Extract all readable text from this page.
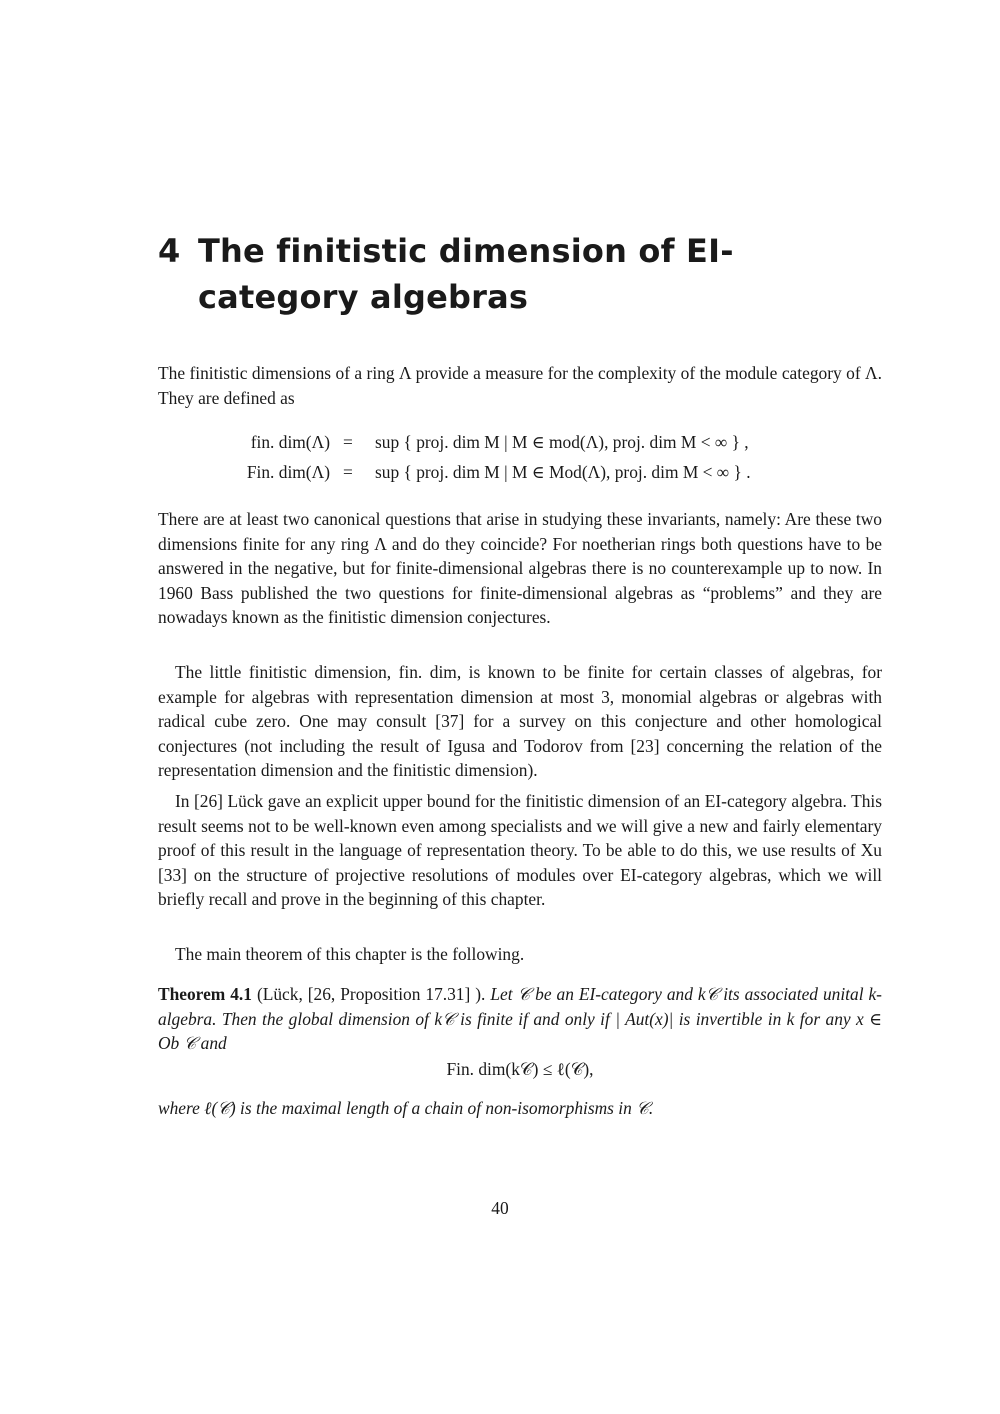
4 The finitistic dimension of EI-category algebras

The finitistic dimensions of a ring Λ provide a measure for the complexity of the module category of Λ. They are defined as

fin. dim(Λ) = sup { proj. dim M | M ∈ mod(Λ), proj. dim M < ∞ } ,
Fin. dim(Λ) = sup { proj. dim M | M ∈ Mod(Λ), proj. dim M < ∞ } .

There are at least two canonical questions that arise in studying these invariants, namely: Are these two dimensions finite for any ring Λ and do they coincide? For noetherian rings both questions have to be answered in the negative, but for finite-dimensional algebras there is no counterexample up to now. In 1960 Bass published the two questions for finite-dimensional algebras as “problems” and they are nowadays known as the finitistic dimension conjectures.

The little finitistic dimension, fin. dim, is known to be finite for certain classes of algebras, for example for algebras with representation dimension at most 3, monomial algebras or algebras with radical cube zero. One may consult [37] for a survey on this conjecture and other homological conjectures (not including the result of Igusa and Todorov from [23] concerning the relation of the representation dimension and the finitistic dimension).

In [26] Lück gave an explicit upper bound for the finitistic dimension of an EI-category algebra. This result seems not to be well-known even among specialists and we will give a new and fairly elementary proof of this result in the language of representation theory. To be able to do this, we use results of Xu [33] on the structure of projective resolutions of modules over EI-category algebras, which we will briefly recall and prove in the beginning of this chapter.

The main theorem of this chapter is the following.

Theorem 4.1 (Lück, [26, Proposition 17.31] ). Let 𝒞 be an EI-category and k𝒞 its associated unital k-algebra. Then the global dimension of k𝒞 is finite if and only if | Aut(x)| is invertible in k for any x ∈ Ob 𝒞 and

Fin. dim(k𝒞) ≤ ℓ(𝒞),

where ℓ(𝒞) is the maximal length of a chain of non-isomorphisms in 𝒞.

40
